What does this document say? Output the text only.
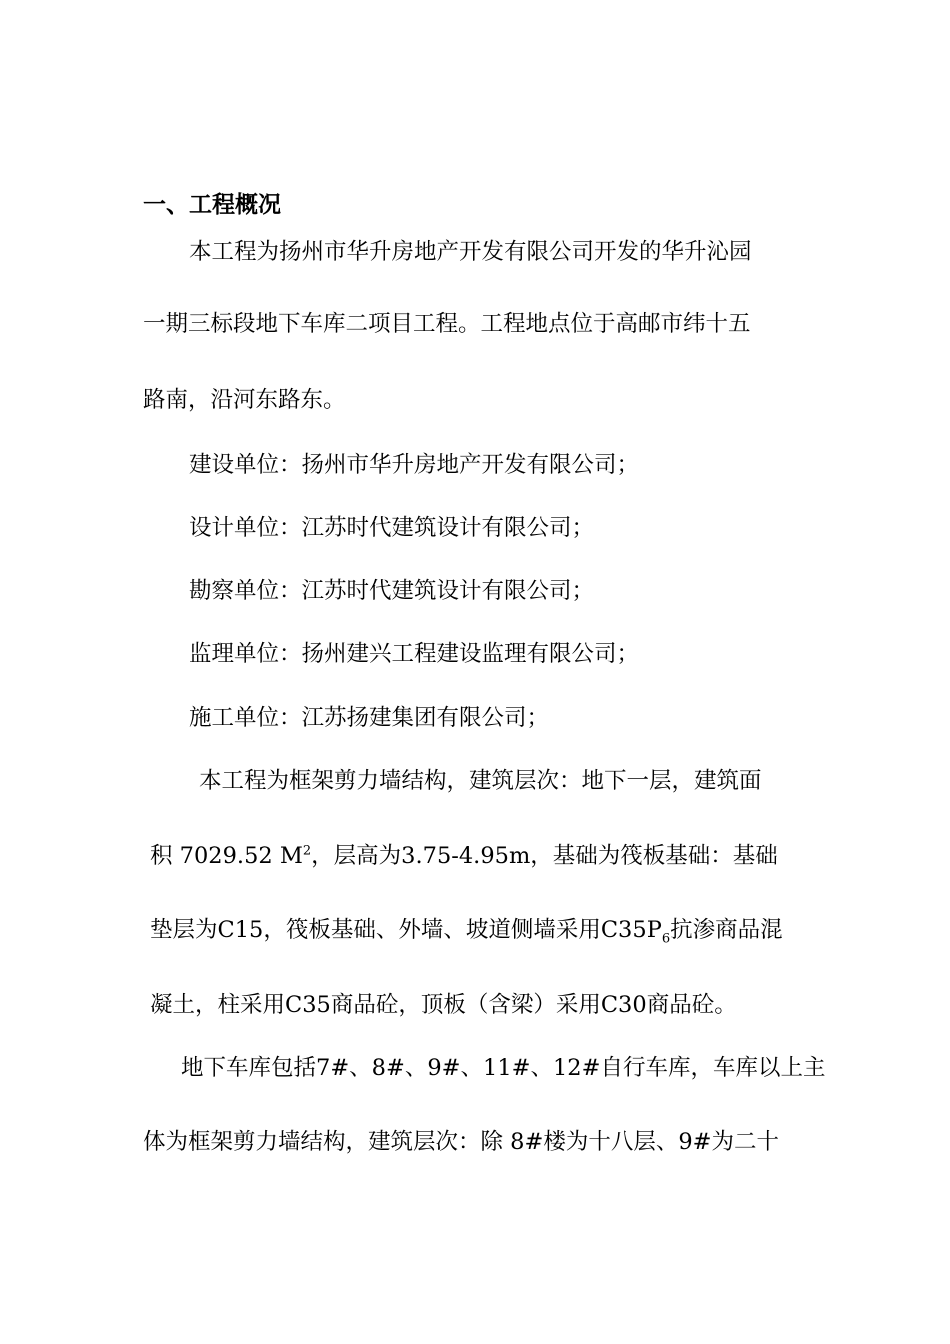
一、工程概况
本工程为扬州市华升房地产开发有限公司开发的华升沁园
一期三标段地下车库二项目工程。工程地点位于高邮市纬十五
路南，沿河东路东。
建设单位：扬州市华升房地产开发有限公司；
设计单位：江苏时代建筑设计有限公司；
勘察单位：江苏时代建筑设计有限公司；
监理单位：扬州建兴工程建设监理有限公司；
施工单位：江苏扬建集团有限公司；
本工程为框架剪力墙结构，建筑层次：地下一层，建筑面
积 7029.52 $M^2$，层高为3.75-4.95m，基础为筏板基础：基础
垫层为C15，筏板基础、外墙、坡道侧墙采用$C35P_6$抗渗商品混
凝土，柱采用C35商品砼，顶板（含梁）采用C30商品砼。
地下车库包括7#、8#、9#、11#、12#自行车库，车库以上主
体为框架剪力墙结构，建筑层次：除 8#楼为十八层、9#为二十
